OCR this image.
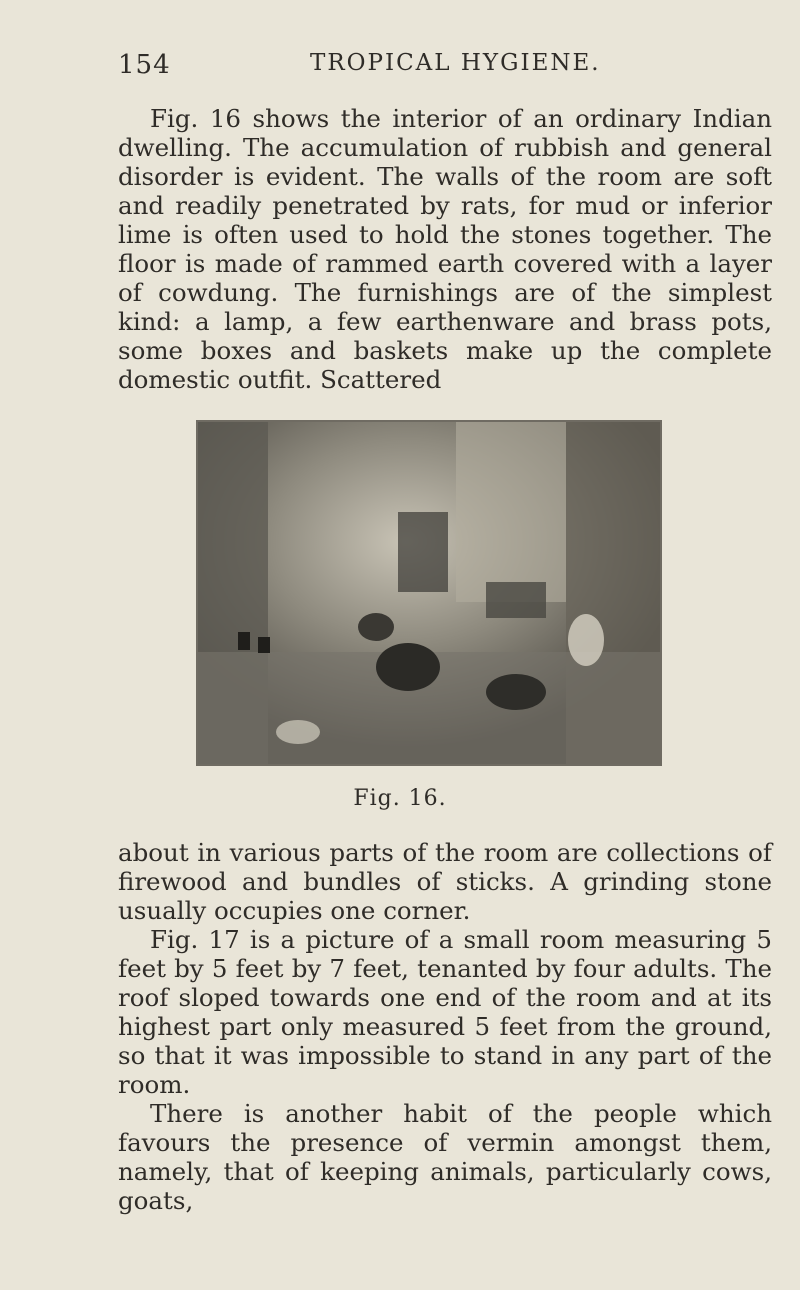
154	TROPICAL HYGIENE.

Fig. 16 shows the interior of an ordinary Indian dwelling. The accumulation of rubbish and general disorder is evident. The walls of the room are soft and readily penetrated by rats, for mud or inferior lime is often used to hold the stones together. The floor is made of rammed earth covered with a layer of cowdung. The furnishings are of the simplest kind: a lamp, a few earthenware and brass pots, some boxes and baskets make up the complete domestic outfit. Scattered

Fig. 16.

about in various parts of the room are collections of firewood and bundles of sticks. A grinding stone usually occupies one corner.

Fig. 17 is a picture of a small room measuring 5 feet by 5 feet by 7 feet, tenanted by four adults. The roof sloped towards one end of the room and at its highest part only measured 5 feet from the ground, so that it was impossible to stand in any part of the room.

There is another habit of the people which favours the presence of vermin amongst them, namely, that of keeping animals, particularly cows, goats,
